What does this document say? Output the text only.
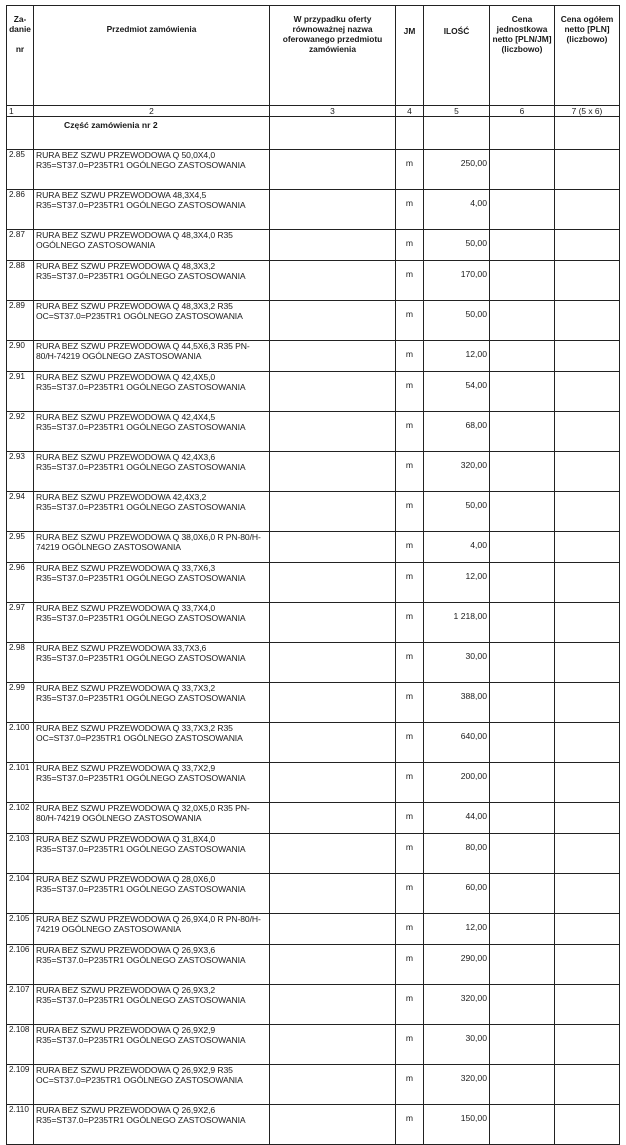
Za-
danie

nr	Przedmiot zamówienia	W przypadku oferty równoważnej nazwa oferowanego przedmiotu zamówienia	JM	ILOŚĆ	Cena jednostkowa netto [PLN/JM] (liczbowo)	Cena ogółem netto [PLN] (liczbowo)
1	2	3	4	5	6	7 (5 x 6)
	Część zamówienia nr 2					
2.85	RURA BEZ SZWU PRZEWODOWA Q 50,0X4,0 R35=ST37.0=P235TR1 OGÓLNEGO ZASTOSOWANIA		m	250,00		
2.86	RURA BEZ SZWU PRZEWODOWA 48,3X4,5 R35=ST37.0=P235TR1 OGÓLNEGO ZASTOSOWANIA		m	4,00		
2.87	RURA BEZ SZWU PRZEWODOWA Q 48,3X4,0 R35 OGÓLNEGO ZASTOSOWANIA		m	50,00		
2.88	RURA BEZ SZWU PRZEWODOWA Q 48,3X3,2 R35=ST37.0=P235TR1 OGÓLNEGO ZASTOSOWANIA		m	170,00		
2.89	RURA BEZ SZWU PRZEWODOWA Q 48,3X3,2 R35 OC=ST37.0=P235TR1 OGÓLNEGO ZASTOSOWANIA		m	50,00		
2.90	RURA BEZ SZWU PRZEWODOWA Q 44,5X6,3 R35 PN-80/H-74219 OGÓLNEGO ZASTOSOWANIA		m	12,00		
2.91	RURA BEZ SZWU PRZEWODOWA Q 42,4X5,0 R35=ST37.0=P235TR1 OGÓLNEGO ZASTOSOWANIA		m	54,00		
2.92	RURA BEZ SZWU PRZEWODOWA Q 42,4X4,5 R35=ST37.0=P235TR1 OGÓLNEGO ZASTOSOWANIA		m	68,00		
2.93	RURA BEZ SZWU PRZEWODOWA Q 42,4X3,6 R35=ST37.0=P235TR1 OGÓLNEGO ZASTOSOWANIA		m	320,00		
2.94	RURA BEZ SZWU PRZEWODOWA 42,4X3,2 R35=ST37.0=P235TR1 OGÓLNEGO ZASTOSOWANIA		m	50,00		
2.95	RURA BEZ SZWU PRZEWODOWA Q 38,0X6,0 R PN-80/H-74219 OGÓLNEGO ZASTOSOWANIA		m	4,00		
2.96	RURA BEZ SZWU PRZEWODOWA Q 33,7X6,3 R35=ST37.0=P235TR1 OGÓLNEGO ZASTOSOWANIA		m	12,00		
2.97	RURA BEZ SZWU PRZEWODOWA Q 33,7X4,0 R35=ST37.0=P235TR1 OGÓLNEGO ZASTOSOWANIA		m	1 218,00		
2.98	RURA BEZ SZWU PRZEWODOWA 33,7X3,6 R35=ST37.0=P235TR1 OGÓLNEGO ZASTOSOWANIA		m	30,00		
2.99	RURA BEZ SZWU PRZEWODOWA Q 33,7X3,2 R35=ST37.0=P235TR1 OGÓLNEGO ZASTOSOWANIA		m	388,00		
2.100	RURA BEZ SZWU PRZEWODOWA Q 33,7X3,2 R35 OC=ST37.0=P235TR1 OGÓLNEGO ZASTOSOWANIA		m	640,00		
2.101	RURA BEZ SZWU PRZEWODOWA Q 33,7X2,9 R35=ST37.0=P235TR1 OGÓLNEGO ZASTOSOWANIA		m	200,00		
2.102	RURA BEZ SZWU PRZEWODOWA Q 32,0X5,0 R35 PN-80/H-74219 OGÓLNEGO ZASTOSOWANIA		m	44,00		
2.103	RURA BEZ SZWU PRZEWODOWA Q 31,8X4,0 R35=ST37.0=P235TR1 OGÓLNEGO ZASTOSOWANIA		m	80,00		
2.104	RURA BEZ SZWU PRZEWODOWA Q 28,0X6,0 R35=ST37.0=P235TR1 OGÓLNEGO ZASTOSOWANIA		m	60,00		
2.105	RURA BEZ SZWU PRZEWODOWA Q 26,9X4,0 R PN-80/H-74219 OGÓLNEGO ZASTOSOWANIA		m	12,00		
2.106	RURA BEZ SZWU PRZEWODOWA Q 26,9X3,6 R35=ST37.0=P235TR1 OGÓLNEGO ZASTOSOWANIA		m	290,00		
2.107	RURA BEZ SZWU PRZEWODOWA Q 26,9X3,2 R35=ST37.0=P235TR1 OGÓLNEGO ZASTOSOWANIA		m	320,00		
2.108	RURA BEZ SZWU PRZEWODOWA Q 26,9X2,9 R35=ST37.0=P235TR1 OGÓLNEGO ZASTOSOWANIA		m	30,00		
2.109	RURA BEZ SZWU PRZEWODOWA Q 26,9X2,9 R35 OC=ST37.0=P235TR1 OGÓLNEGO ZASTOSOWANIA		m	320,00		
2.110	RURA BEZ SZWU PRZEWODOWA Q 26,9X2,6 R35=ST37.0=P235TR1 OGÓLNEGO ZASTOSOWANIA		m	150,00		
